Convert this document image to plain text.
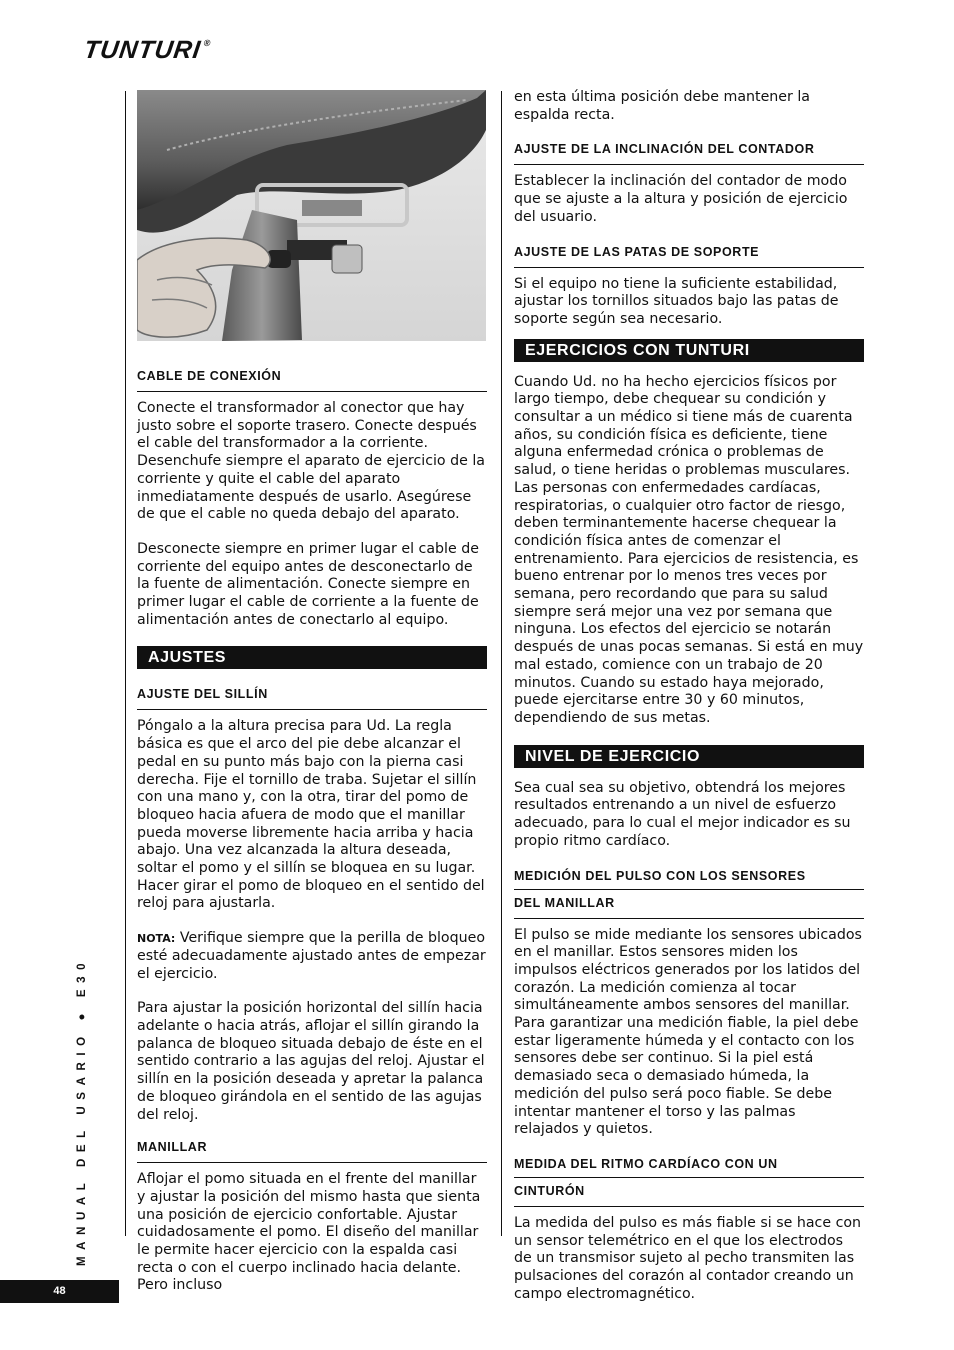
TUNTURI®
CABLE DE CONEXIÓN

Conecte el transformador al conector que hay justo sobre el soporte trasero. Conecte después el cable del transformador a la corriente. Desenchufe siempre el aparato de ejercicio de la corriente y quite el cable del aparato inmediatamente después de usarlo. Asegúrese de que el cable no queda debajo del aparato.

Desconecte siempre en primer lugar el cable de corriente del equipo antes de desconectarlo de la fuente de alimentación. Conecte siempre en primer lugar el cable de corriente a la fuente de alimentación antes de conectarlo al equipo.

AJUSTES
AJUSTE DEL SILLÍN

Póngalo a la altura precisa para Ud. La regla básica es que el arco del pie debe alcanzar el pedal en su punto más bajo con la pierna casi derecha. Fije el tornillo de traba. Sujetar el sillín con una mano y, con la otra, tirar del pomo de bloqueo hacia afuera de modo que el manillar pueda moverse libremente hacia arriba y hacia abajo. Una vez alcanzada la altura deseada, soltar el pomo y el sillín se bloquea en su lugar. Hacer girar el pomo de bloqueo en el sentido del reloj para ajustarla.

NOTA: Verifique siempre que la perilla de bloqueo esté adecuadamente ajustado antes de empezar el ejercicio.

Para ajustar la posición horizontal del sillín hacia adelante o hacia atrás, aflojar el sillín girando la palanca de bloqueo situada debajo de éste en el sentido contrario a las agujas del reloj. Ajustar el sillín en la posición deseada y apretar la palanca de bloqueo girándola en el sentido de las agujas del reloj.

MANILLAR

Aflojar el pomo situada en el frente del manillar y ajustar la posición del mismo hasta que sienta una posición de ejercicio confortable. Ajustar cuidadosamente el pomo. El diseño del manillar le permite hacer ejercicio con la espalda casi recta o con el cuerpo inclinado hacia delante. Pero incluso

en esta última posición debe mantener la espalda recta.

AJUSTE DE LA INCLINACIÓN DEL CONTADOR

Establecer la inclinación del contador de modo que se ajuste a la altura y posición de ejercicio del usuario.

AJUSTE DE LAS PATAS DE SOPORTE

Si el equipo no tiene la suficiente estabilidad, ajustar los tornillos situados bajo las patas de soporte según sea necesario.

EJERCICIOS CON TUNTURI

Cuando Ud. no ha hecho ejercicios físicos por largo tiempo, debe chequear su condición y consultar a un médico si tiene más de cuarenta años, su condición física es deficiente, tiene alguna enfermedad crónica o problemas de salud, o tiene heridas o problemas musculares. Las personas con enfermedades cardíacas, respiratorias, o cualquier otro factor de riesgo, deben terminantemente hacerse chequear la condición física antes de comenzar el entrenamiento. Para ejercicios de resistencia, es bueno entrenar por lo menos tres veces por semana, pero recordando que para su salud siempre será mejor una vez por semana que ninguna. Los efectos del ejercicio se notarán después de unas pocas semanas. Si está en muy mal estado, comience con un trabajo de 20 minutos. Cuando su estado haya mejorado, puede ejercitarse entre 30 y 60 minutos, dependiendo de sus metas.

NIVEL DE EJERCICIO

Sea cual sea su objetivo, obtendrá los mejores resultados entrenando a un nivel de esfuerzo adecuado, para lo cual el mejor indicador es su propio ritmo cardíaco.

MEDICIÓN DEL PULSO CON LOS SENSORES
DEL MANILLAR

El pulso se mide mediante los sensores ubicados en el manillar. Estos sensores miden los impulsos eléctricos generados por los latidos del corazón. La medición comienza al tocar simultáneamente ambos sensores del manillar. Para garantizar una medición fiable, la piel debe estar ligeramente húmeda y el contacto con los sensores debe ser continuo. Si la piel está demasiado seca o demasiado húmeda, la medición del pulso será poco fiable. Se debe intentar mantener el torso y las palmas relajados y quietos.

MEDIDA DEL RITMO CARDÍACO CON UN
CINTURÓN

La medida del pulso es más fiable si se hace con un sensor telemétrico en el que los electrodos de un transmisor sujeto al pecho transmiten las pulsaciones del corazón al contador creando un campo electromagnético.

MANUAL DEL USARIO ● E30
48
